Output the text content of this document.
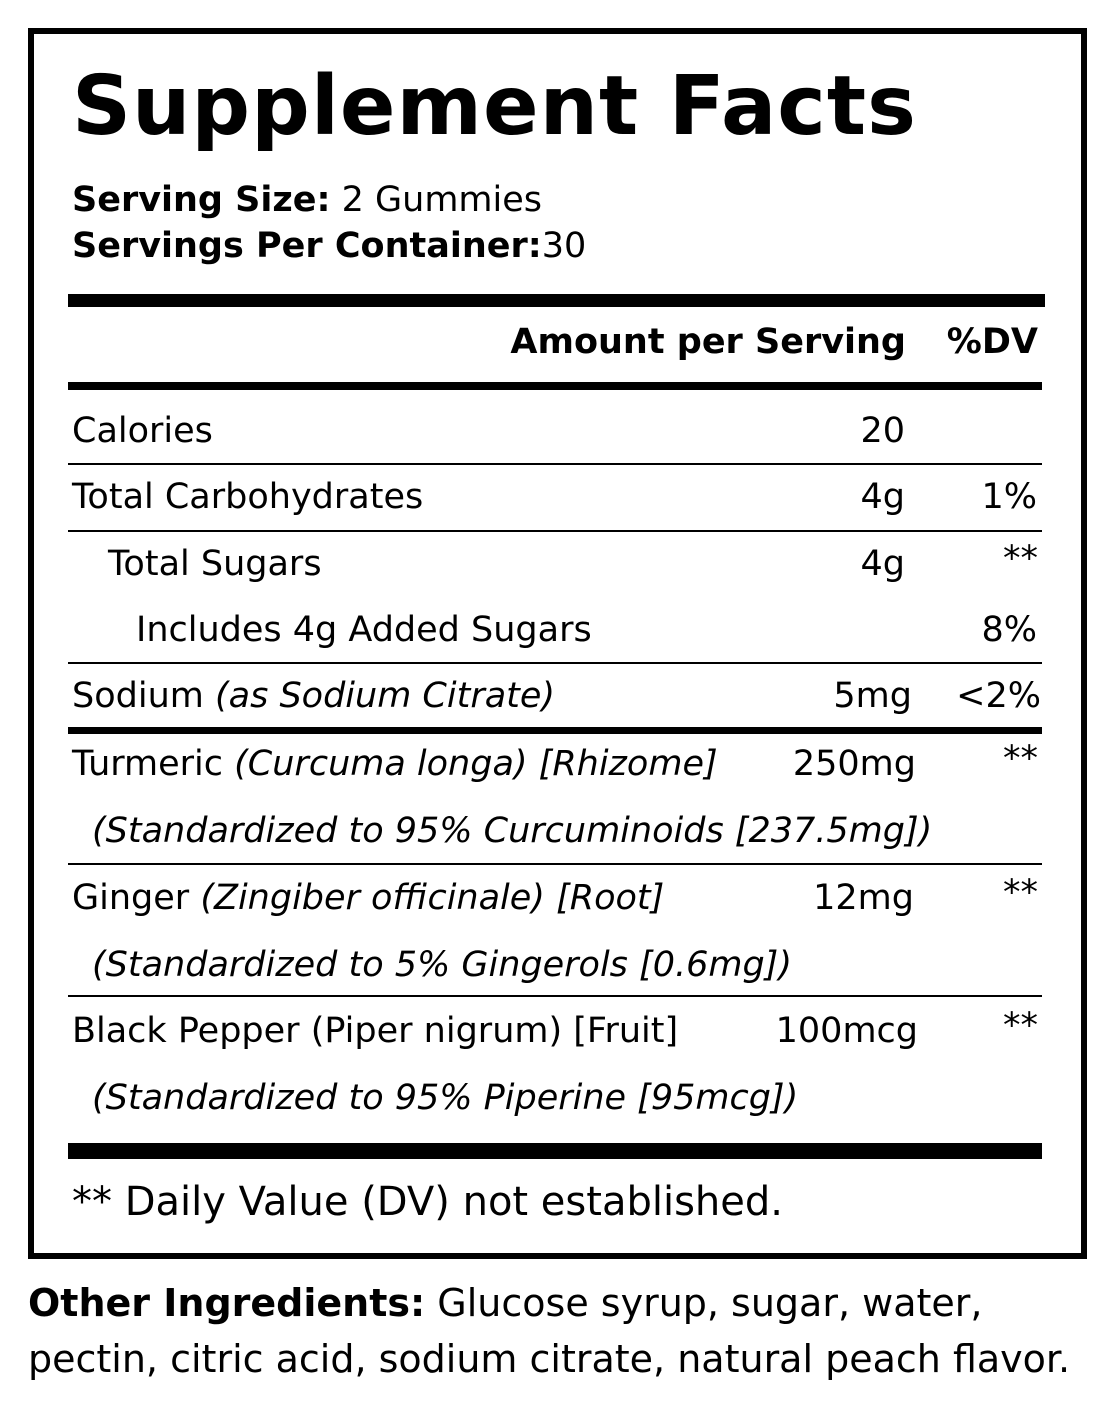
Supplement Facts
Serving Size: 2 Gummies
Servings Per Container:30
Amount per Serving	%DV
Calories	20
Total Carbohydrates	4g	1%
Total Sugars	4g	**
Includes 4g Added Sugars	8%
Sodium (as Sodium Citrate)	5mg	<2%
Turmeric (Curcuma longa) [Rhizome]	250mg	**
(Standardized to 95% Curcuminoids [237.5mg])
Ginger (Zingiber officinale) [Root]	12mg	**
(Standardized to 5% Gingerols [0.6mg])
Black Pepper (Piper nigrum) [Fruit]	100mcg	**
(Standardized to 95% Piperine [95mcg])
** Daily Value (DV) not established.
Other Ingredients: Glucose syrup, sugar, water,
pectin, citric acid, sodium citrate, natural peach flavor.
